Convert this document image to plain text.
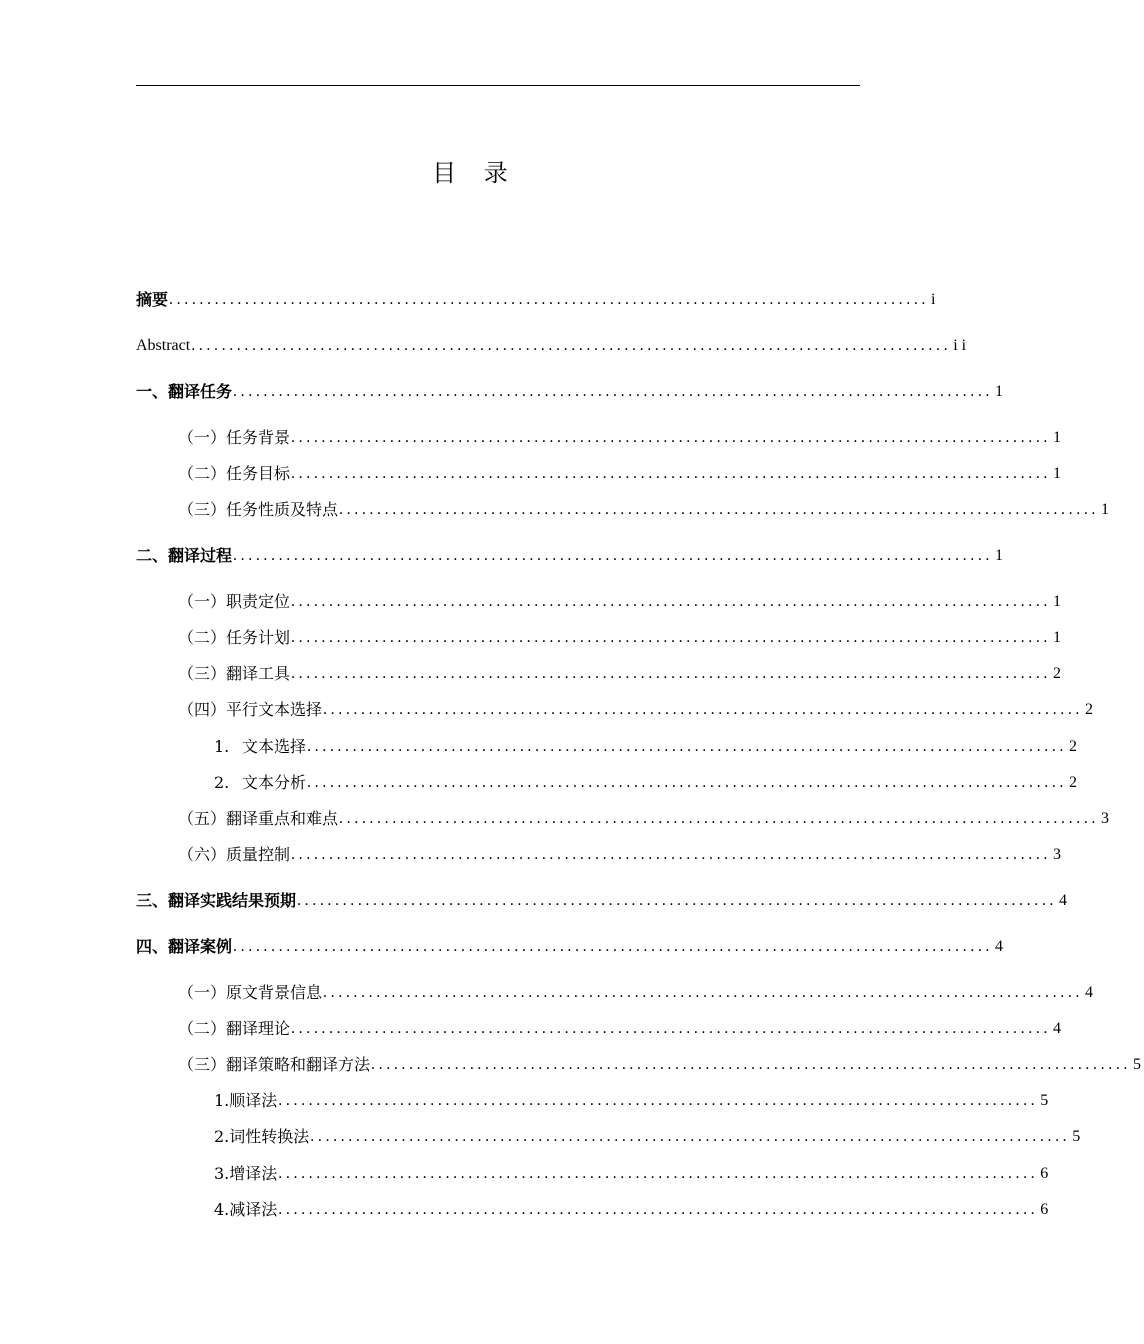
目 录
摘要 .................................................................................................... i
Abstract .................................................................................................... ii
一、翻译任务 .................................................................................................... 1
（一）任务背景 .................................................................................................... 1
（二）任务目标 .................................................................................................... 1
（三）任务性质及特点 .................................................................................................... 1
二、翻译过程 .................................................................................................... 1
（一）职责定位 .................................................................................................... 1
（二）任务计划 .................................................................................................... 1
（三）翻译工具 .................................................................................................... 2
（四）平行文本选择 .................................................................................................... 2
1. 文本选择 .................................................................................................... 2
2. 文本分析 .................................................................................................... 2
（五）翻译重点和难点 .................................................................................................... 3
（六）质量控制 .................................................................................................... 3
三、翻译实践结果预期 .................................................................................................... 4
四、翻译案例 .................................................................................................... 4
（一）原文背景信息 .................................................................................................... 4
（二）翻译理论 .................................................................................................... 4
（三）翻译策略和翻译方法 .................................................................................................... 5
1.顺译法 .................................................................................................... 5
2.词性转换法 .................................................................................................... 5
3.增译法 .................................................................................................... 6
4.减译法 .................................................................................................... 6
